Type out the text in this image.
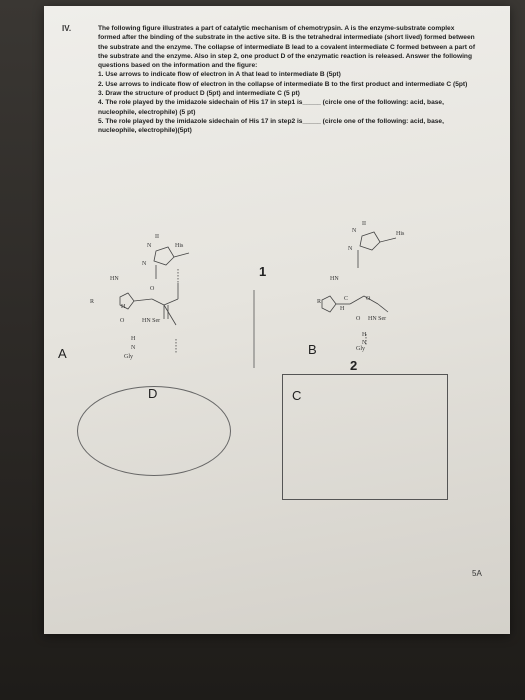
IV.	The following figure illustrates a part of catalytic mechanism of chemotrypsin. A is the enzyme-substrate complex formed after the binding of the substrate in the active site. B is the tetrahedral intermediate (short lived) formed between the substrate and the enzyme. The collapse of intermediate B lead to a covalent intermediate C formed between a part of the substrate and the enzyme. Also in step 2, one product D of the enzymatic reaction is released. Answer the following questions based on the information and the figure:

1. Use arrows to indicate flow of electron in A that lead to intermediate B (5pt)
2. Use arrows to indicate flow of electron in the collapse of intermediate B to the first product and intermediate C (5pt)
3. Draw the structure of product D (5pt) and intermediate C (5 pt)
4. The role played by the imidazole sidechain of His 17 in step1 is_____ (circle one of the following: acid, base, nucleophile, electrophile) (5 pt)
5. The role played by the imidazole sidechain of His 17 in step2 is_____ (circle one of the following: acid, base, nucleophile, electrophile)(5pt)
His
II
N
N
HN
O
R
H
O	HN Ser
H
N
Gly
A
1
II
N	His
N
HN
R	C	O
H
O HN Ser
H
N
Gly
B
2
D	C
5A
